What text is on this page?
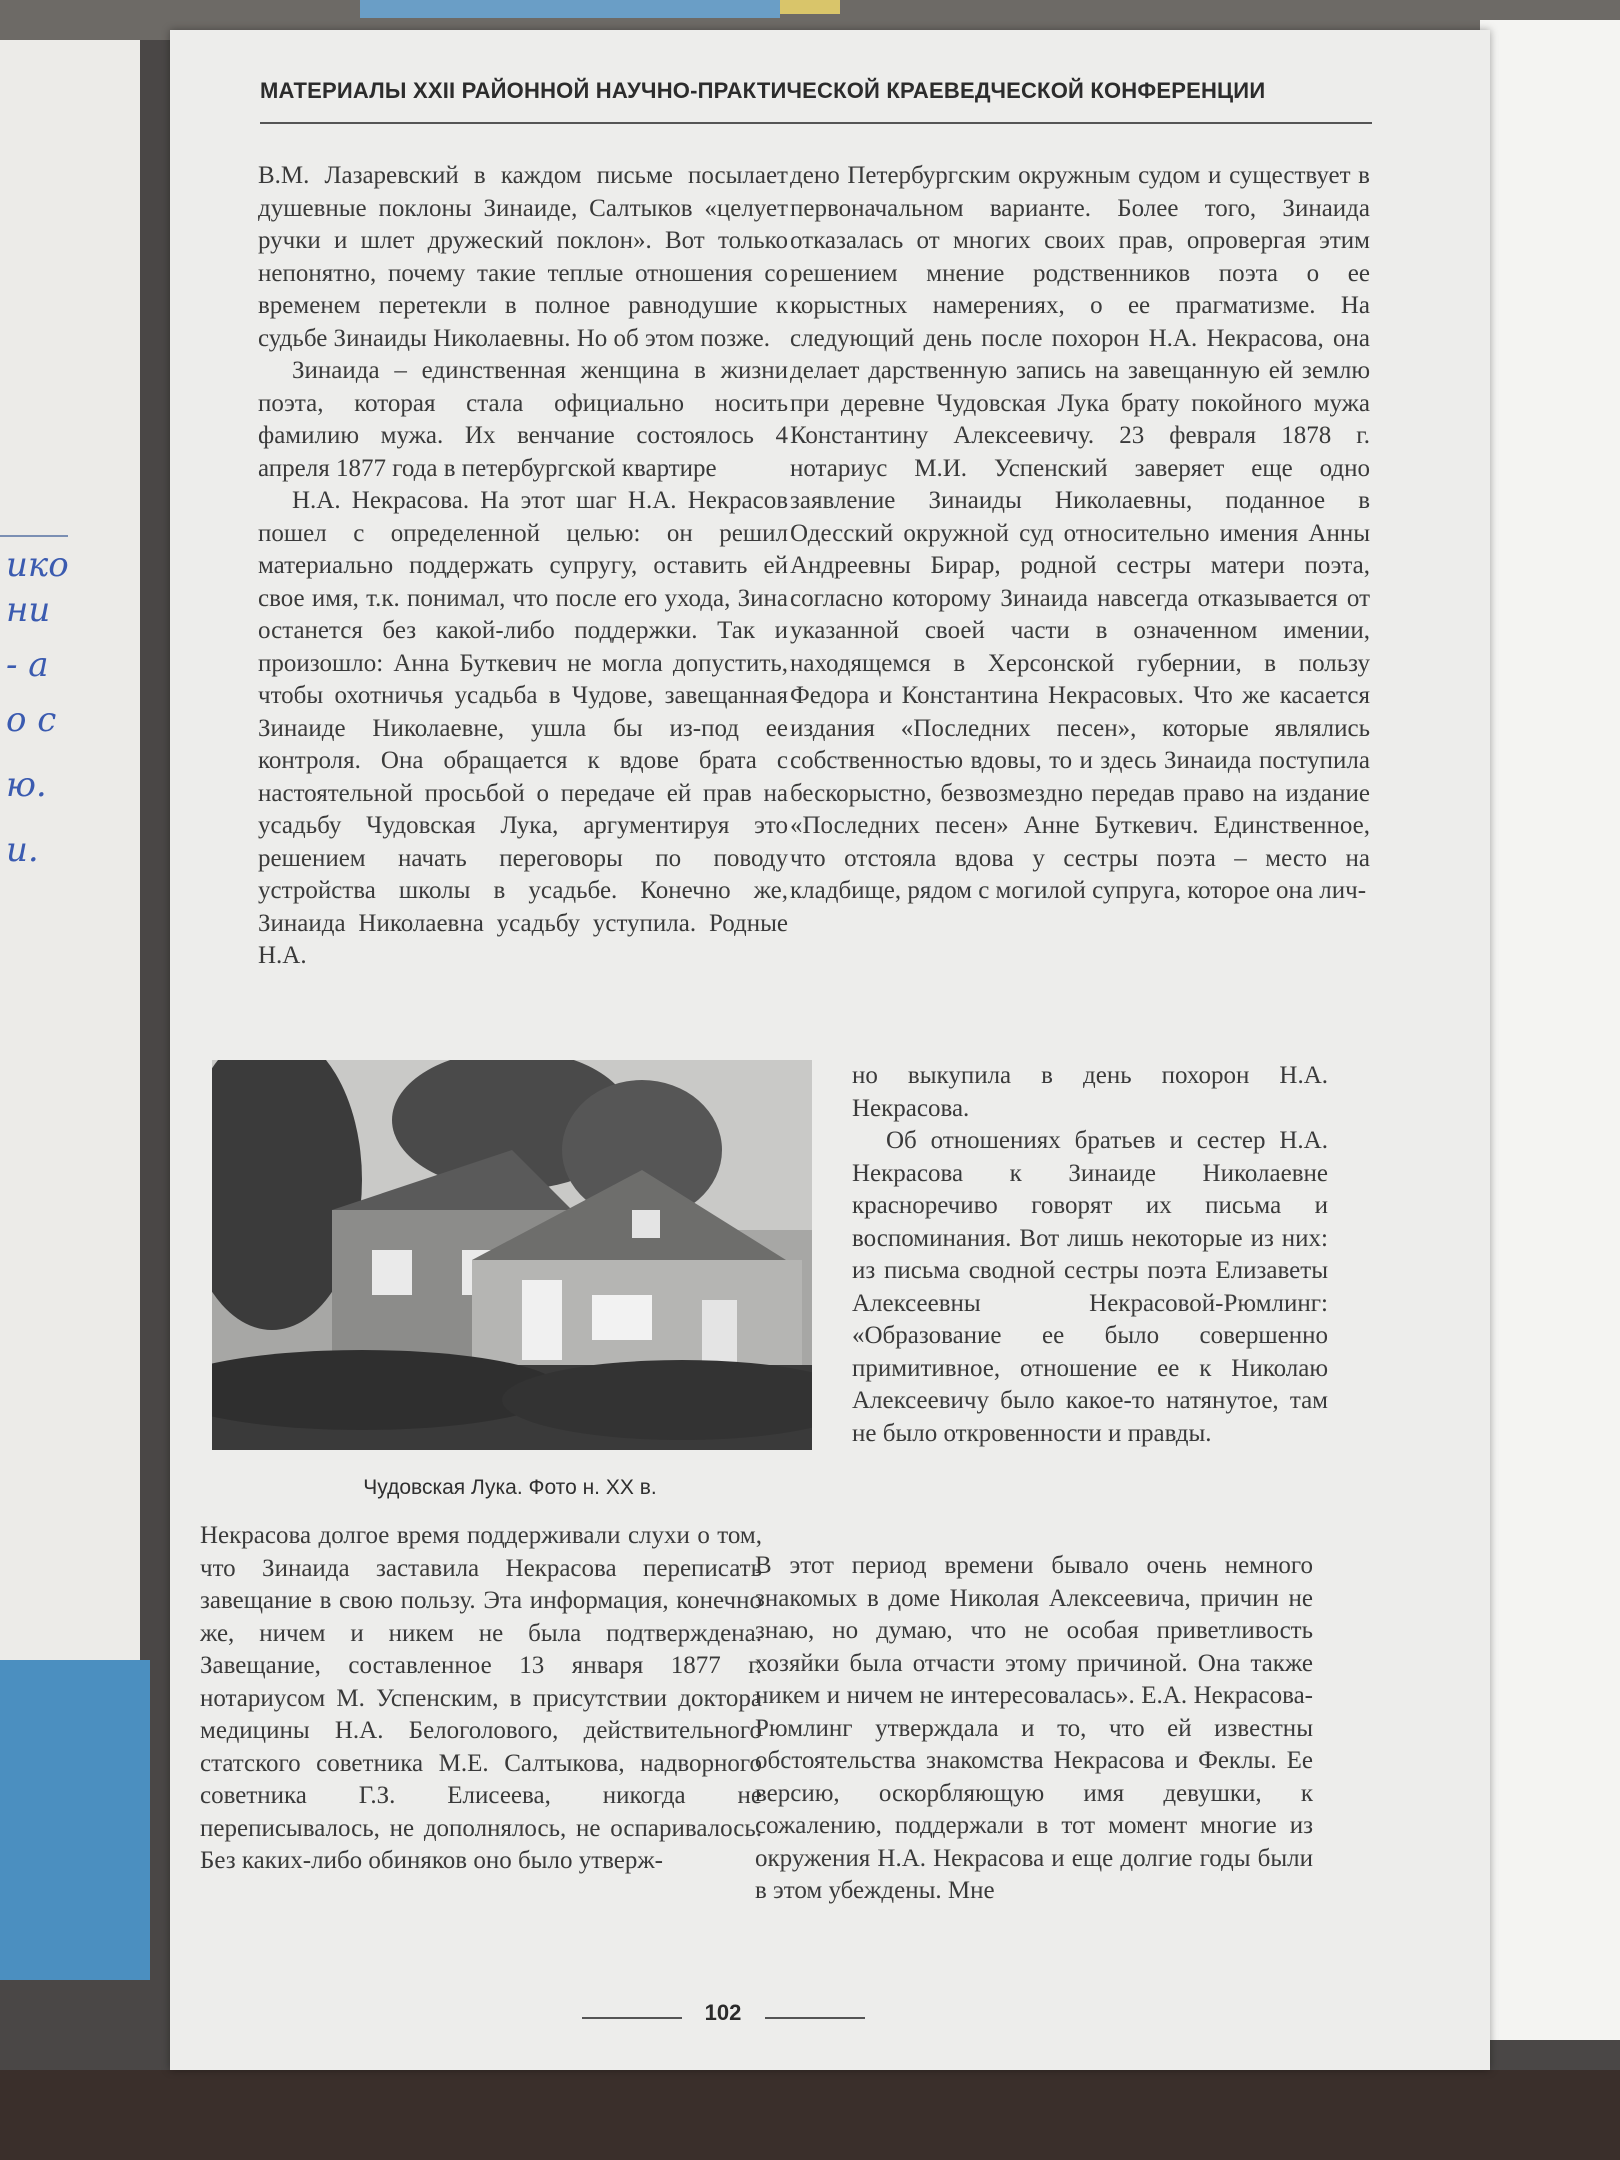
ико
ни
- а
о с
ю.
и.
МАТЕРИАЛЫ XXII РАЙОННОЙ НАУЧНО-ПРАКТИЧЕСКОЙ КРАЕВЕДЧЕСКОЙ КОНФЕРЕНЦИИ

В.М. Лазаревский в каждом письме посылает душевные поклоны Зинаиде, Салтыков «целует ручки и шлет дружеский поклон». Вот только непонятно, почему такие теплые отношения со временем перетекли в полное равнодушие к судьбе Зинаиды Николаевны. Но об этом позже.

Зинаида – единственная женщина в жизни поэта, которая стала официально носить фамилию мужа. Их венчание состоялось 4 апреля 1877 года в петербургской квартире

Н.А. Некрасова. На этот шаг Н.А. Некрасов пошел с определенной целью: он решил материально поддержать супругу, оставить ей свое имя, т.к. понимал, что после его ухода, Зина останется без какой-либо поддержки. Так и произошло: Анна Буткевич не могла допустить, чтобы охотничья усадьба в Чудове, завещанная Зинаиде Николаевне, ушла бы из-под ее контроля. Она обращается к вдове брата с настоятельной просьбой о передаче ей прав на усадьбу Чудовская Лука, аргументируя это решением начать переговоры по поводу устройства школы в усадьбе. Конечно же, Зинаида Николаевна усадьбу уступила. Родные Н.А.

дено Петербургским окружным судом и существует в первоначальном варианте. Более того, Зинаида отказалась от многих своих прав, опровергая этим решением мнение родственников поэта о ее корыстных намерениях, о ее прагматизме. На следующий день после похорон Н.А. Некрасова, она делает дарственную запись на завещанную ей землю при деревне Чудовская Лука брату покойного мужа Константину Алексеевичу. 23 февраля 1878 г. нотариус М.И. Успенский заверяет еще одно заявление Зинаиды Николаевны, поданное в Одесский окружной суд относительно имения Анны Андреевны Бирар, родной сестры матери поэта, согласно которому Зинаида навсегда отказывается от указанной своей части в означенном имении, находящемся в Херсонской губернии, в пользу Федора и Константина Некрасовых. Что же касается издания «Последних песен», которые являлись собственностью вдовы, то и здесь Зинаида поступила бескорыстно, безвозмездно передав право на издание «Последних песен» Анне Буткевич. Единственное, что отстояла вдова у сестры поэта – место на кладбище, рядом с могилой супруга, которое она лич-

Чудовская Лука. Фото н. XX в.

но выкупила в день похорон Н.А. Некрасова.

Об отношениях братьев и сестер Н.А. Некрасова к Зинаиде Николаевне красноречиво говорят их письма и воспоминания. Вот лишь некоторые из них: из письма сводной сестры поэта Елизаветы Алексеевны Некрасовой-Рюмлинг: «Образование ее было совершенно примитивное, отношение ее к Николаю Алексеевичу было какое-то натянутое, там не было откровенности и правды.

Некрасова долгое время поддерживали слухи о том, что Зинаида заставила Некрасова переписать завещание в свою пользу. Эта информация, конечно же, ничем и никем не была подтверждена. Завещание, составленное 13 января 1877 г. нотариусом М. Успенским, в присутствии доктора медицины Н.А. Белоголового, действительного статского советника М.Е. Салтыкова, надворного советника Г.З. Елисеева, никогда не переписывалось, не дополнялось, не оспаривалось. Без каких-либо обиняков оно было утверж-

В этот период времени бывало очень немного знакомых в доме Николая Алексеевича, причин не знаю, но думаю, что не особая приветливость хозяйки была отчасти этому причиной. Она также никем и ничем не интересовалась». Е.А. Некрасова-Рюмлинг утверждала и то, что ей известны обстоятельства знакомства Некрасова и Феклы. Ее версию, оскорбляющую имя девушки, к сожалению, поддержали в тот момент многие из окружения Н.А. Некрасова и еще долгие годы были в этом убеждены. Мне

102
